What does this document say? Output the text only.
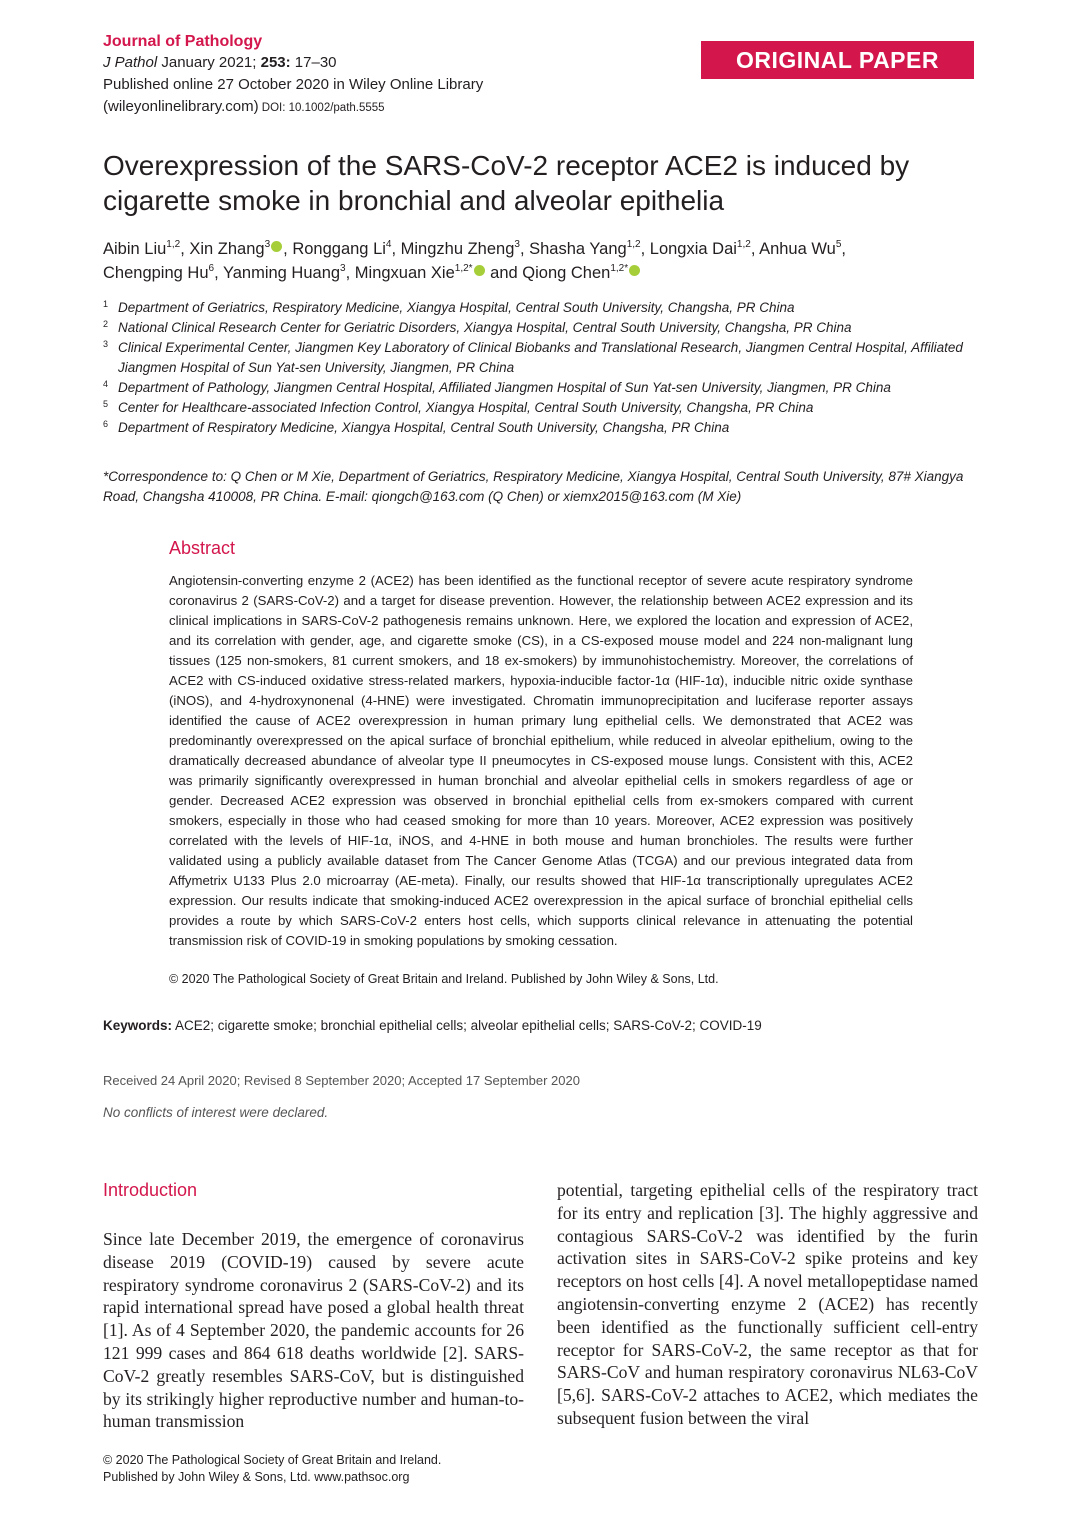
Journal of Pathology
J Pathol January 2021; 253: 17–30
Published online 27 October 2020 in Wiley Online Library
(wileyonlinelibrary.com) DOI: 10.1002/path.5555
ORIGINAL PAPER
Overexpression of the SARS-CoV-2 receptor ACE2 is induced by cigarette smoke in bronchial and alveolar epithelia
Aibin Liu$^{1,2}$, Xin Zhang$^3$ , Ronggang Li$^4$, Mingzhu Zheng$^3$, Shasha Yang$^{1,2}$, Longxia Dai$^{1,2}$, Anhua Wu$^5$,
Chengping Hu$^6$, Yanming Huang$^3$, Mingxuan Xie$^{1,2*}$ and Qiong Chen$^{1,2*}$
1 Department of Geriatrics, Respiratory Medicine, Xiangya Hospital, Central South University, Changsha, PR China
2 National Clinical Research Center for Geriatric Disorders, Xiangya Hospital, Central South University, Changsha, PR China
3 Clinical Experimental Center, Jiangmen Key Laboratory of Clinical Biobanks and Translational Research, Jiangmen Central Hospital, Affiliated Jiangmen Hospital of Sun Yat-sen University, Jiangmen, PR China
4 Department of Pathology, Jiangmen Central Hospital, Affiliated Jiangmen Hospital of Sun Yat-sen University, Jiangmen, PR China
5 Center for Healthcare-associated Infection Control, Xiangya Hospital, Central South University, Changsha, PR China
6 Department of Respiratory Medicine, Xiangya Hospital, Central South University, Changsha, PR China
*Correspondence to: Q Chen or M Xie, Department of Geriatrics, Respiratory Medicine, Xiangya Hospital, Central South University, 87# Xiangya Road, Changsha 410008, PR China. E-mail: qiongch@163.com (Q Chen) or xiemx2015@163.com (M Xie)
Abstract
Angiotensin-converting enzyme 2 (ACE2) has been identified as the functional receptor of severe acute respiratory syndrome coronavirus 2 (SARS-CoV-2) and a target for disease prevention. However, the relationship between ACE2 expression and its clinical implications in SARS-CoV-2 pathogenesis remains unknown. Here, we explored the location and expression of ACE2, and its correlation with gender, age, and cigarette smoke (CS), in a CS-exposed mouse model and 224 non-malignant lung tissues (125 non-smokers, 81 current smokers, and 18 ex-smokers) by immunohistochemistry. Moreover, the correlations of ACE2 with CS-induced oxidative stress-related markers, hypoxia-inducible factor-1α (HIF-1α), inducible nitric oxide synthase (iNOS), and 4-hydroxynonenal (4-HNE) were investigated. Chromatin immunoprecipitation and luciferase reporter assays identified the cause of ACE2 overexpression in human primary lung epithelial cells. We demonstrated that ACE2 was predominantly overexpressed on the apical surface of bronchial epithelium, while reduced in alveolar epithelium, owing to the dramatically decreased abundance of alveolar type II pneumocytes in CS-exposed mouse lungs. Consistent with this, ACE2 was primarily significantly overexpressed in human bronchial and alveolar epithelial cells in smokers regardless of age or gender. Decreased ACE2 expression was observed in bronchial epithelial cells from ex-smokers compared with current smokers, especially in those who had ceased smoking for more than 10 years. Moreover, ACE2 expression was positively correlated with the levels of HIF-1α, iNOS, and 4-HNE in both mouse and human bronchioles. The results were further validated using a publicly available dataset from The Cancer Genome Atlas (TCGA) and our previous integrated data from Affymetrix U133 Plus 2.0 microarray (AE-meta). Finally, our results showed that HIF-1α transcriptionally upregulates ACE2 expression. Our results indicate that smoking-induced ACE2 overexpression in the apical surface of bronchial epithelial cells provides a route by which SARS-CoV-2 enters host cells, which supports clinical relevance in attenuating the potential transmission risk of COVID-19 in smoking populations by smoking cessation.
© 2020 The Pathological Society of Great Britain and Ireland. Published by John Wiley & Sons, Ltd.
Keywords: ACE2; cigarette smoke; bronchial epithelial cells; alveolar epithelial cells; SARS-CoV-2; COVID-19
Received 24 April 2020; Revised 8 September 2020; Accepted 17 September 2020
No conflicts of interest were declared.
Introduction
Since late December 2019, the emergence of coronavirus disease 2019 (COVID-19) caused by severe acute respiratory syndrome coronavirus 2 (SARS-CoV-2) and its rapid international spread have posed a global health threat [1]. As of 4 September 2020, the pandemic accounts for 26 121 999 cases and 864 618 deaths worldwide [2]. SARS-CoV-2 greatly resembles SARS-CoV, but is distinguished by its strikingly higher reproductive number and human-to-human transmission
potential, targeting epithelial cells of the respiratory tract for its entry and replication [3]. The highly aggressive and contagious SARS-CoV-2 was identified by the furin activation sites in SARS-CoV-2 spike proteins and key receptors on host cells [4]. A novel metallopeptidase named angiotensin-converting enzyme 2 (ACE2) has recently been identified as the functionally sufficient cell-entry receptor for SARS-CoV-2, the same receptor as that for SARS-CoV and human respiratory coronavirus NL63-CoV [5,6]. SARS-CoV-2 attaches to ACE2, which mediates the subsequent fusion between the viral
© 2020 The Pathological Society of Great Britain and Ireland.
Published by John Wiley & Sons, Ltd. www.pathsoc.org
